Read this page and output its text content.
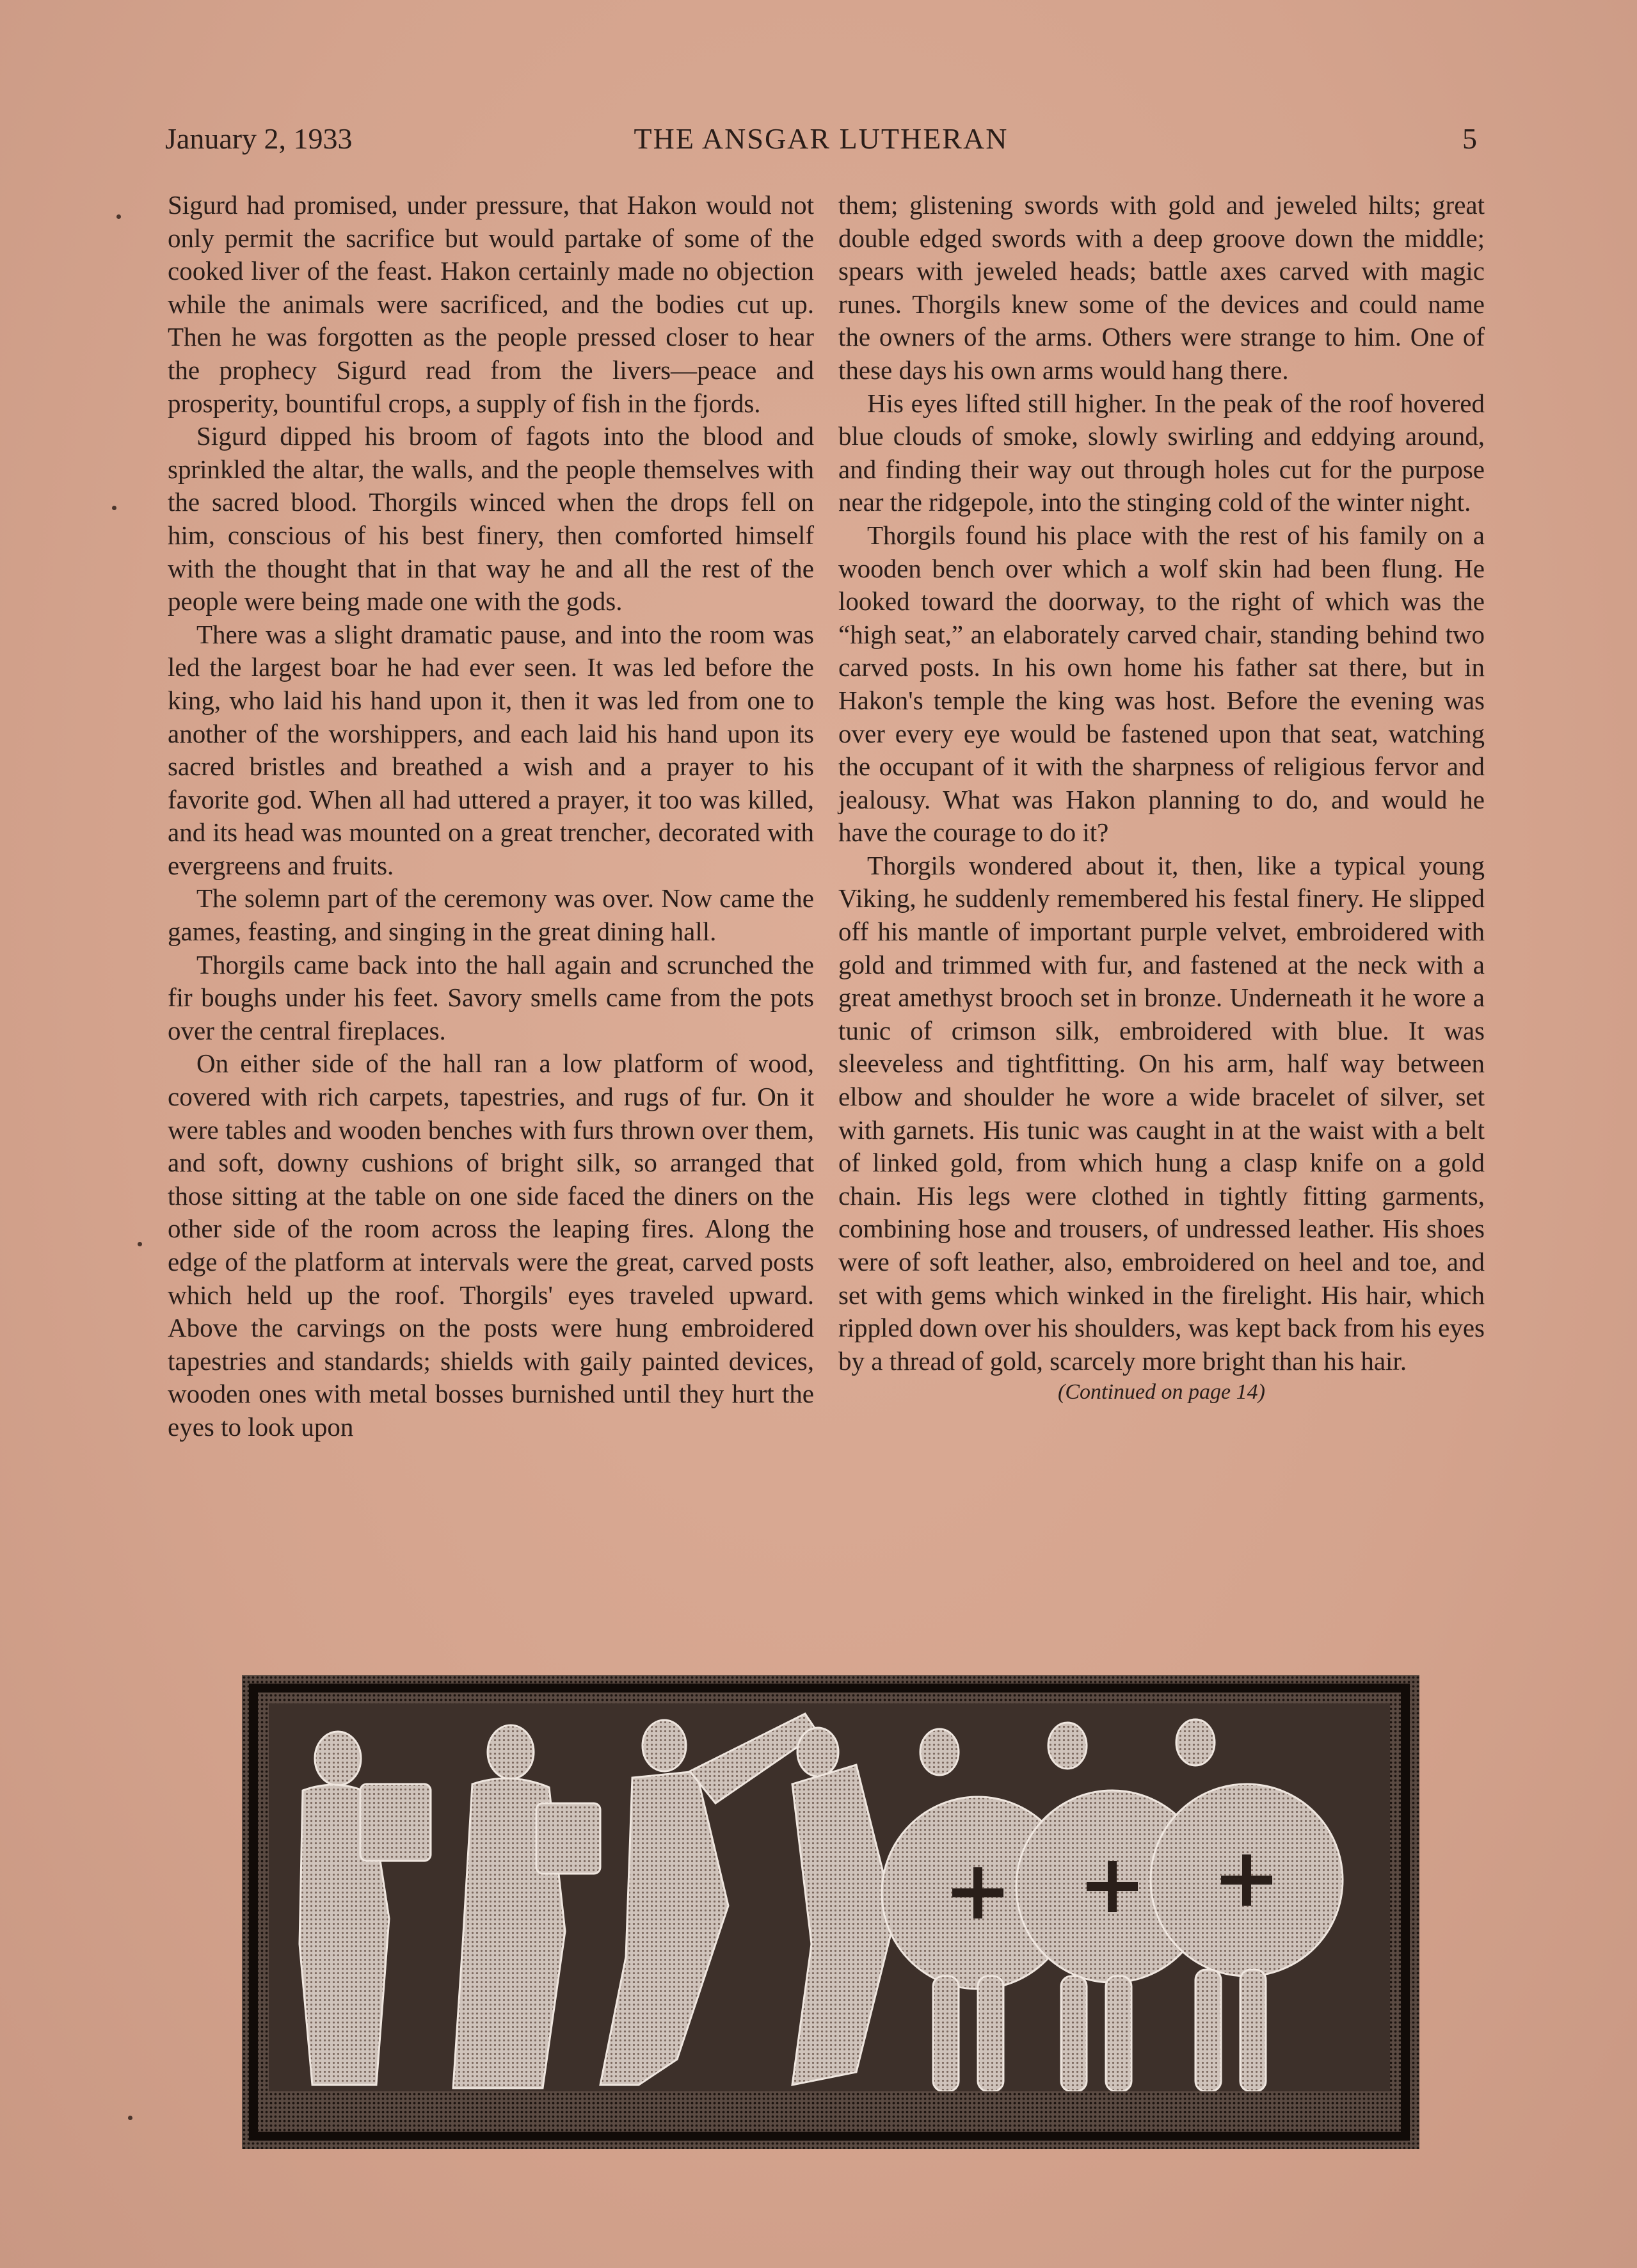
January 2, 1933	THE ANSGAR LUTHERAN	5

Sigurd had promised, under pressure, that Hakon would not only permit the sacrifice but would partake of some of the cooked liver of the feast. Hakon certainly made no objection while the animals were sacrificed, and the bodies cut up. Then he was forgotten as the people pressed closer to hear the prophecy Sigurd read from the livers—peace and prosperity, bountiful crops, a supply of fish in the fjords.

Sigurd dipped his broom of fagots into the blood and sprinkled the altar, the walls, and the people themselves with the sacred blood. Thorgils winced when the drops fell on him, conscious of his best finery, then comforted himself with the thought that in that way he and all the rest of the people were being made one with the gods.

There was a slight dramatic pause, and into the room was led the largest boar he had ever seen. It was led before the king, who laid his hand upon it, then it was led from one to another of the worshippers, and each laid his hand upon its sacred bristles and breathed a wish and a prayer to his favorite god. When all had uttered a prayer, it too was killed, and its head was mounted on a great trencher, decorated with evergreens and fruits.

The solemn part of the ceremony was over. Now came the games, feasting, and singing in the great dining hall.

Thorgils came back into the hall again and scrunched the fir boughs under his feet. Savory smells came from the pots over the central fireplaces.

On either side of the hall ran a low platform of wood, covered with rich carpets, tapestries, and rugs of fur. On it were tables and wooden benches with furs thrown over them, and soft, downy cushions of bright silk, so arranged that those sitting at the table on one side faced the diners on the other side of the room across the leaping fires. Along the edge of the platform at intervals were the great, carved posts which held up the roof. Thorgils' eyes traveled upward. Above the carvings on the posts were hung embroidered tapestries and standards; shields with gaily painted devices, wooden ones with metal bosses burnished until they hurt the eyes to look upon

them; glistening swords with gold and jeweled hilts; great double edged swords with a deep groove down the middle; spears with jeweled heads; battle axes carved with magic runes. Thorgils knew some of the devices and could name the owners of the arms. Others were strange to him. One of these days his own arms would hang there.

His eyes lifted still higher. In the peak of the roof hovered blue clouds of smoke, slowly swirling and eddying around, and finding their way out through holes cut for the purpose near the ridgepole, into the stinging cold of the winter night.

Thorgils found his place with the rest of his family on a wooden bench over which a wolf skin had been flung. He looked toward the doorway, to the right of which was the “high seat,” an elaborately carved chair, standing behind two carved posts. In his own home his father sat there, but in Hakon's temple the king was host. Before the evening was over every eye would be fastened upon that seat, watching the occupant of it with the sharpness of religious fervor and jealousy. What was Hakon planning to do, and would he have the courage to do it?

Thorgils wondered about it, then, like a typical young Viking, he suddenly remembered his festal finery. He slipped off his mantle of important purple velvet, embroidered with gold and trimmed with fur, and fastened at the neck with a great amethyst brooch set in bronze. Underneath it he wore a tunic of crimson silk, embroidered with blue. It was sleeveless and tightfitting. On his arm, half way between elbow and shoulder he wore a wide bracelet of silver, set with garnets. His tunic was caught in at the waist with a belt of linked gold, from which hung a clasp knife on a gold chain. His legs were clothed in tightly fitting garments, combining hose and trousers, of undressed leather. His shoes were of soft leather, also, embroidered on heel and toe, and set with gems which winked in the firelight. His hair, which rippled down over his shoulders, was kept back from his eyes by a thread of gold, scarcely more bright than his hair.

(Continued on page 14)
